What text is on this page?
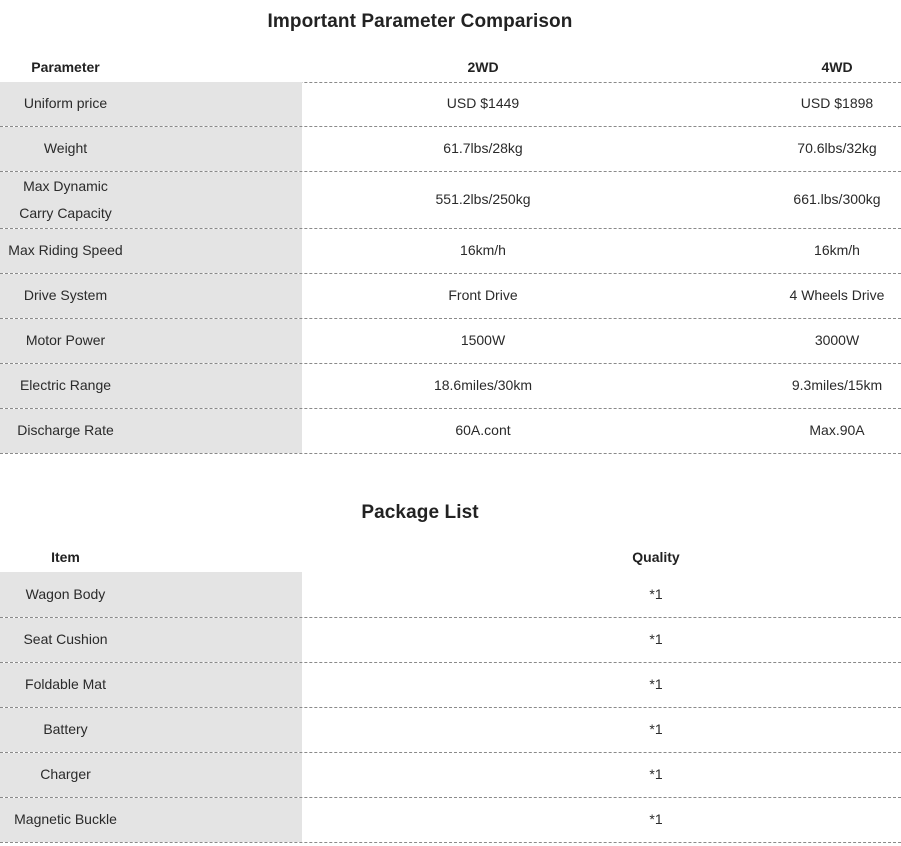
Important Parameter Comparison
Parameter	2WD	4WD
Uniform price	USD $1449	USD $1898
Weight	61.7lbs/28kg	70.6lbs/32kg
Max Dynamic
Carry Capacity
551.2lbs/250kg	661.lbs/300kg
Max Riding Speed	16km/h	16km/h
Drive System	Front Drive	4 Wheels Drive
Motor Power	1500W	3000W
Electric Range	18.6miles/30km	9.3miles/15km
Discharge Rate	60A.cont	Max.90A
Package List
Item	Quality
Wagon Body	*1
Seat Cushion	*1
Foldable Mat	*1
Battery	*1
Charger	*1
Magnetic Buckle	*1
